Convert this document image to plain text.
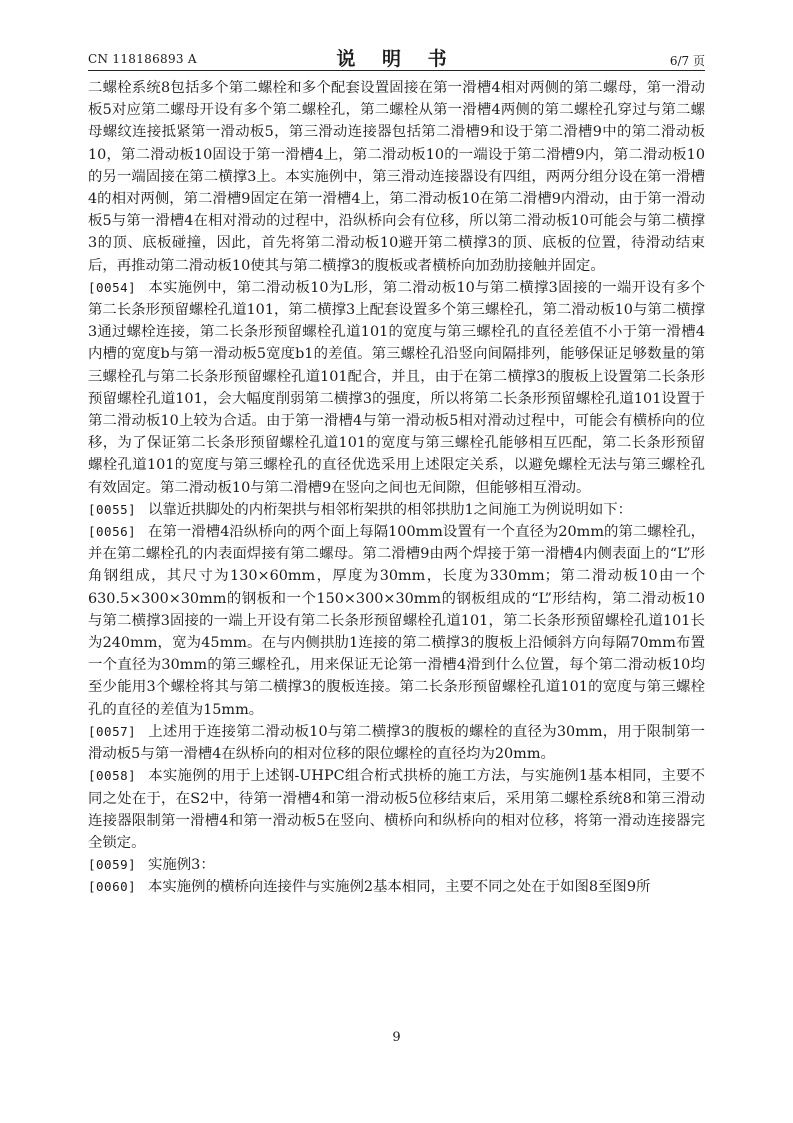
CN 118186893 A	说 明 书	6/7 页

二螺栓系统8包括多个第二螺栓和多个配套设置固接在第一滑槽4相对两侧的第二螺母，第一滑动板5对应第二螺母开设有多个第二螺栓孔，第二螺栓从第一滑槽4两侧的第二螺栓孔穿过与第二螺母螺纹连接抵紧第一滑动板5，第三滑动连接器包括第二滑槽9和设于第二滑槽9中的第二滑动板10，第二滑动板10固设于第一滑槽4上，第二滑动板10的一端设于第二滑槽9内，第二滑动板10的另一端固接在第二横撑3上。本实施例中，第三滑动连接器设有四组，两两分组分设在第一滑槽4的相对两侧，第二滑槽9固定在第一滑槽4上，第二滑动板10在第二滑槽9内滑动，由于第一滑动板5与第一滑槽4在相对滑动的过程中，沿纵桥向会有位移，所以第二滑动板10可能会与第二横撑3的顶、底板碰撞，因此，首先将第二滑动板10避开第二横撑3的顶、底板的位置，待滑动结束后，再推动第二滑动板10使其与第二横撑3的腹板或者横桥向加劲肋接触并固定。

[0054] 本实施例中，第二滑动板10为L形，第二滑动板10与第二横撑3固接的一端开设有多个第二长条形预留螺栓孔道101，第二横撑3上配套设置多个第三螺栓孔，第二滑动板10与第二横撑3通过螺栓连接，第二长条形预留螺栓孔道101的宽度与第三螺栓孔的直径差值不小于第一滑槽4内槽的宽度b与第一滑动板5宽度b1的差值。第三螺栓孔沿竖向间隔排列，能够保证足够数量的第三螺栓孔与第二长条形预留螺栓孔道101配合，并且，由于在第二横撑3的腹板上设置第二长条形预留螺栓孔道101，会大幅度削弱第二横撑3的强度，所以将第二长条形预留螺栓孔道101设置于第二滑动板10上较为合适。由于第一滑槽4与第一滑动板5相对滑动过程中，可能会有横桥向的位移，为了保证第二长条形预留螺栓孔道101的宽度与第三螺栓孔能够相互匹配，第二长条形预留螺栓孔道101的宽度与第三螺栓孔的直径优选采用上述限定关系，以避免螺栓无法与第三螺栓孔有效固定。第二滑动板10与第二滑槽9在竖向之间也无间隙，但能够相互滑动。

[0055] 以靠近拱脚处的内桁架拱与相邻桁架拱的相邻拱肋1之间施工为例说明如下：

[0056] 在第一滑槽4沿纵桥向的两个面上每隔100mm设置有一个直径为20mm的第二螺栓孔，并在第二螺栓孔的内表面焊接有第二螺母。第二滑槽9由两个焊接于第一滑槽4内侧表面上的“L”形角钢组成，其尺寸为130×60mm，厚度为30mm，长度为330mm；第二滑动板10由一个630.5×300×30mm的钢板和一个150×300×30mm的钢板组成的“L”形结构，第二滑动板10与第二横撑3固接的一端上开设有第二长条形预留螺栓孔道101，第二长条形预留螺栓孔道101长为240mm，宽为45mm。在与内侧拱肋1连接的第二横撑3的腹板上沿倾斜方向每隔70mm布置一个直径为30mm的第三螺栓孔，用来保证无论第一滑槽4滑到什么位置，每个第二滑动板10均至少能用3个螺栓将其与第二横撑3的腹板连接。第二长条形预留螺栓孔道101的宽度与第三螺栓孔的直径的差值为15mm。

[0057] 上述用于连接第二滑动板10与第二横撑3的腹板的螺栓的直径为30mm，用于限制第一滑动板5与第一滑槽4在纵桥向的相对位移的限位螺栓的直径均为20mm。

[0058] 本实施例的用于上述钢-UHPC组合桁式拱桥的施工方法，与实施例1基本相同，主要不同之处在于，在S2中，待第一滑槽4和第一滑动板5位移结束后，采用第二螺栓系统8和第三滑动连接器限制第一滑槽4和第一滑动板5在竖向、横桥向和纵桥向的相对位移，将第一滑动连接器完全锁定。

[0059] 实施例3：

[0060] 本实施例的横桥向连接件与实施例2基本相同，主要不同之处在于如图8至图9所

9
